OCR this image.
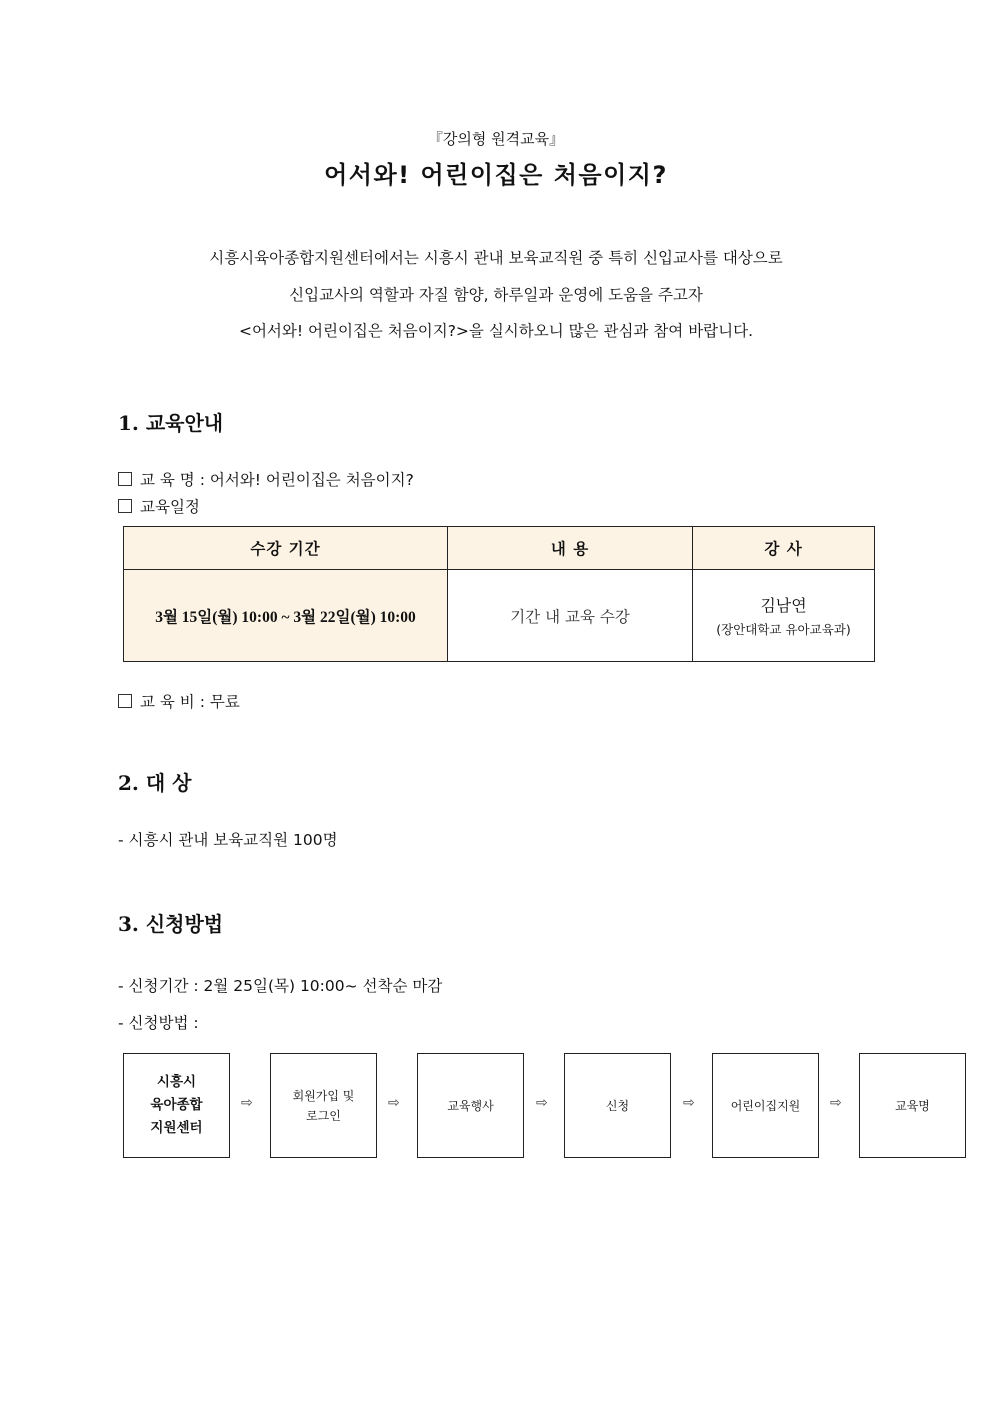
『강의형 원격교육』
어서와! 어린이집은 처음이지?
시흥시육아종합지원센터에서는 시흥시 관내 보육교직원 중 특히 신입교사를 대상으로
신입교사의 역할과 자질 함양, 하루일과 운영에 도움을 주고자
<어서와! 어린이집은 처음이지?>을 실시하오니 많은 관심과 참여 바랍니다.
1. 교육안내
교 육 명 : 어서와! 어린이집은 처음이지?
교육일정
수강 기간	내 용	강 사
3월 15일(월) 10:00 ~ 3월 22일(월) 10:00	기간 내 교육 수강	김남연
(장안대학교 유아교육과)
교 육 비 : 무료
2. 대 상
- 시흥시 관내 보육교직원 100명
3. 신청방법
- 신청기간 : 2월 25일(목) 10:00~ 선착순 마감
- 신청방법 :
시흥시
육아종합
지원센터
⇨	회원가입 및
로그인
⇨	교육행사	⇨	신청	⇨	어린이집지원 ⇨	교육명
